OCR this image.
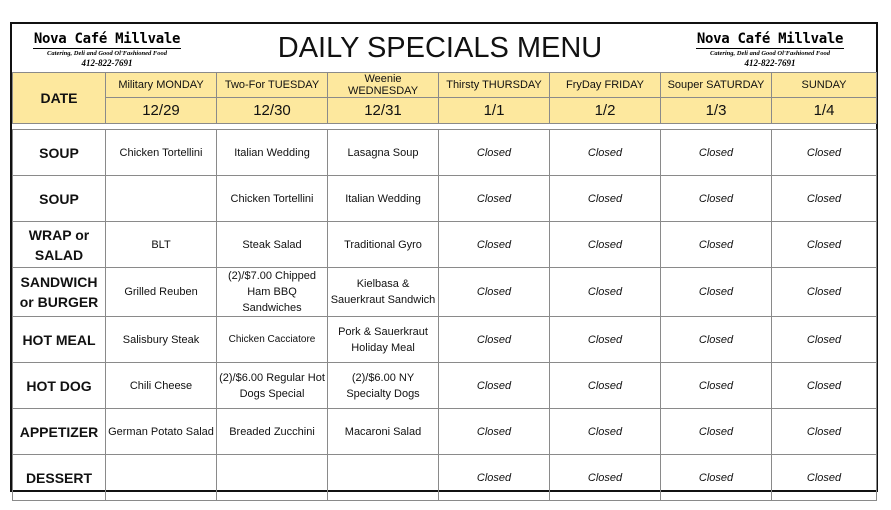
Nova Café Millvale
Catering, Deli and Good Ol'Fashioned Food
412-822-7691	DAILY SPECIALS MENU	Nova Café Millvale
Catering, Deli and Good Ol'Fashioned Food
412-822-7691
DATE	Military MONDAY	Two-For TUESDAY	Weenie WEDNESDAY	Thirsty THURSDAY	FryDay FRIDAY	Souper SATURDAY	SUNDAY
	12/29	12/30	12/31	1/1	1/2	1/3	1/4

SOUP	Chicken Tortellini	Italian Wedding	Lasagna Soup	Closed	Closed	Closed	Closed
SOUP		Chicken Tortellini	Italian Wedding	Closed	Closed	Closed	Closed
WRAP or SALAD	BLT	Steak Salad	Traditional Gyro	Closed	Closed	Closed	Closed
SANDWICH or BURGER	Grilled Reuben	(2)/$7.00 Chipped Ham BBQ Sandwiches	Kielbasa & Sauerkraut Sandwich	Closed	Closed	Closed	Closed
HOT MEAL	Salisbury Steak	Chicken Cacciatore	Pork & Sauerkraut Holiday Meal	Closed	Closed	Closed	Closed
HOT DOG	Chili Cheese	(2)/$6.00 Regular Hot Dogs Special	(2)/$6.00 NY Specialty Dogs	Closed	Closed	Closed	Closed
APPETIZER	German Potato Salad	Breaded Zucchini	Macaroni Salad	Closed	Closed	Closed	Closed
DESSERT				Closed	Closed	Closed	Closed
